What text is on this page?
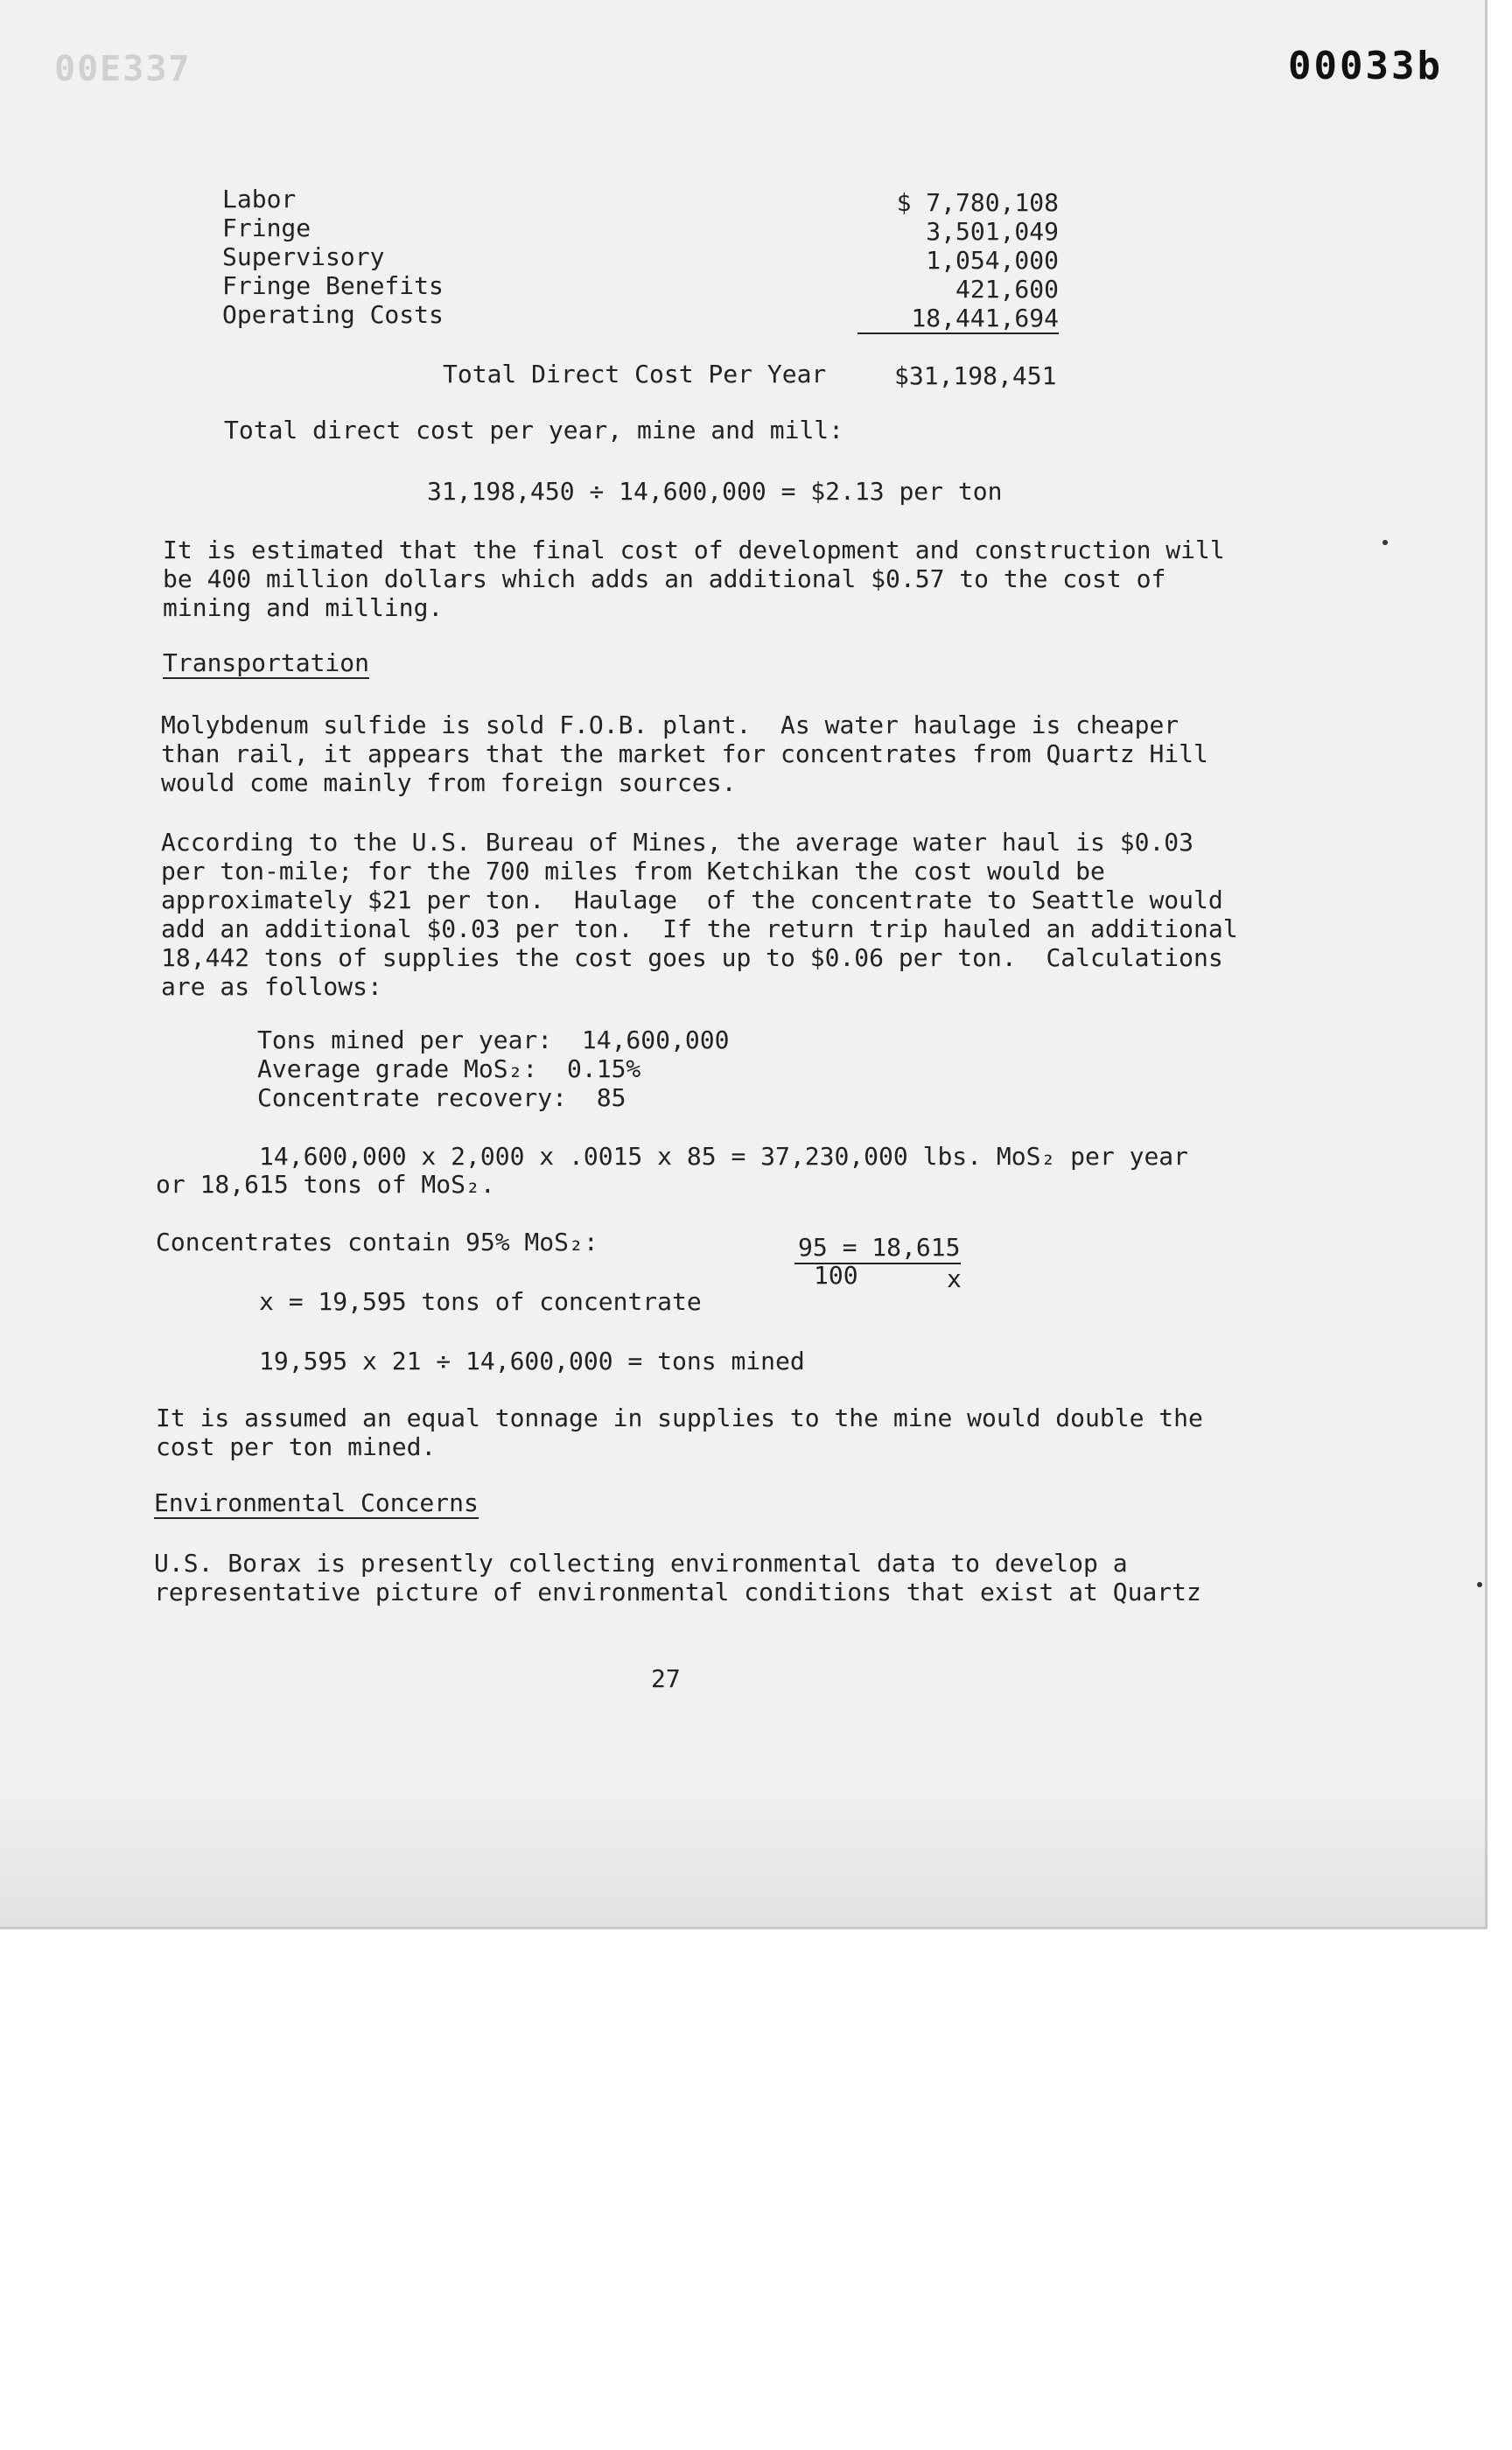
00E337	00033b
Labor	$ 7,780,108
Fringe	3,501,049
Supervisory	1,054,000
Fringe Benefits	421,600
Operating Costs	18,441,694
Total Direct Cost Per Year	$31,198,451
Total direct cost per year, mine and mill:
31,198,450 ÷ 14,600,000 = $2.13 per ton
It is estimated that the final cost of development and construction will
be 400 million dollars which adds an additional $0.57 to the cost of
mining and milling.
Transportation
Molybdenum sulfide is sold F.O.B. plant.  As water haulage is cheaper
than rail, it appears that the market for concentrates from Quartz Hill
would come mainly from foreign sources.
According to the U.S. Bureau of Mines, the average water haul is $0.03
per ton-mile; for the 700 miles from Ketchikan the cost would be
approximately $21 per ton.  Haulage  of the concentrate to Seattle would
add an additional $0.03 per ton.  If the return trip hauled an additional
18,442 tons of supplies the cost goes up to $0.06 per ton.  Calculations
are as follows:
Tons mined per year:  14,600,000
Average grade MoS₂:  0.15%
Concentrate recovery:  85
14,600,000 x 2,000 x .0015 x 85 = 37,230,000 lbs. MoS₂ per year
or 18,615 tons of MoS₂.
Concentrates contain 95% MoS₂:	95 = 18,615
100	x
x = 19,595 tons of concentrate
19,595 x 21 ÷ 14,600,000 = tons mined
It is assumed an equal tonnage in supplies to the mine would double the
cost per ton mined.
Environmental Concerns
U.S. Borax is presently collecting environmental data to develop a
representative picture of environmental conditions that exist at Quartz
27
